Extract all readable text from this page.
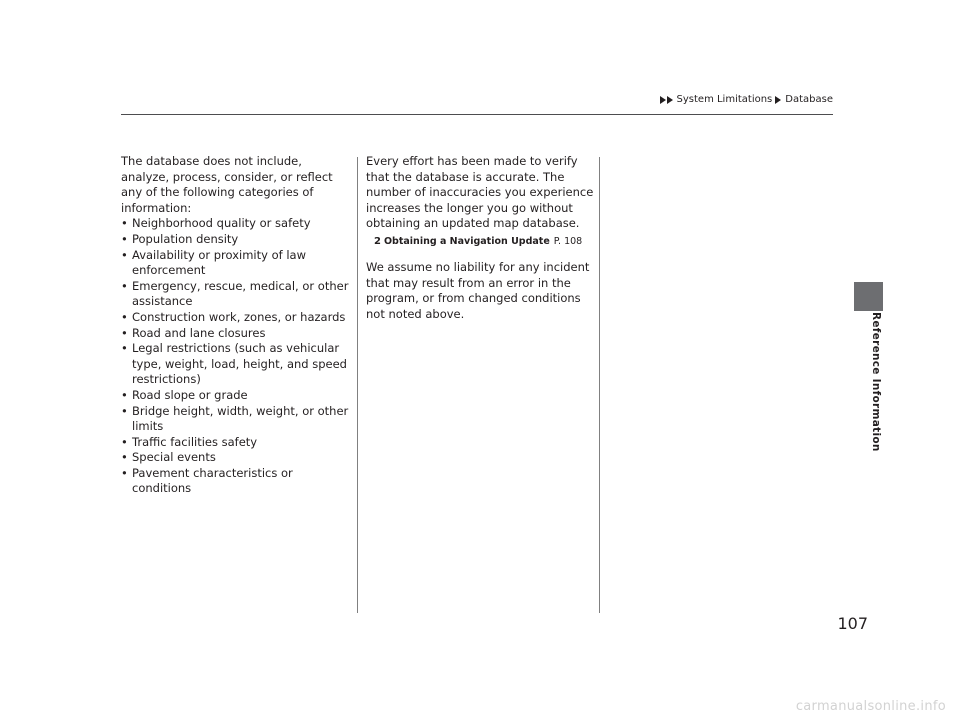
System Limitations Database

The database does not include, analyze, process, consider, or reflect any of the following categories of information:

• Neighborhood quality or safety
• Population density
• Availability or proximity of law enforcement
• Emergency, rescue, medical, or other assistance
• Construction work, zones, or hazards
• Road and lane closures
• Legal restrictions (such as vehicular type, weight, load, height, and speed restrictions)
• Road slope or grade
• Bridge height, width, weight, or other limits
• Traffic facilities safety
• Special events
• Pavement characteristics or conditions

Every effort has been made to verify that the database is accurate. The number of inaccuracies you experience increases the longer you go without obtaining an updated map database.

2 Obtaining a Navigation Update P. 108

We assume no liability for any incident that may result from an error in the program, or from changed conditions not noted above.	Reference Information
107
carmanualsonline.info
